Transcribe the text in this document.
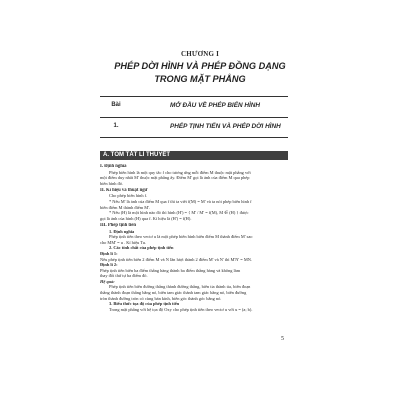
CHƯƠNG I
PHÉP DỜI HÌNH VÀ PHÉP ĐỒNG DẠNG
TRONG MẶT PHẲNG
Bài
1.
MỞ ĐẦU VỀ PHÉP BIẾN HÌNH
PHÉP TỊNH TIẾN VÀ PHÉP DỜI HÌNH
A. TÓM TẮT LÍ THUYẾT
I. Định nghĩa
Phép biến hình là một quy tắc f cho tương ứng mỗi điểm M thuộc mặt phẳng với
một điểm duy nhất M' thuộc mặt phẳng ấy. Điểm M' gọi là ảnh của điểm M qua phép
biến hình đó.
II. Kí hiệu và thuật ngữ
Cho phép biến hình f.
* Nếu M' là ảnh của điểm M qua f thì ta viết f(M) = M' và ta nói phép biến hình f
biến điểm M thành điểm M'.
* Nếu (H) là một hình nào đó thì hình (H') = { M' / M' = f(M), M ∈ (H) } được
gọi là ảnh của hình (H) qua f. Kí hiệu là (H') = f(H).
III. Phép tịnh tiến
1. Định nghĩa
Phép tịnh tiến theo vectơ u là một phép biến hình biến điểm M thành điểm M' sao
cho MM' = u . Kí hiệu Tu.
2. Các tính chất của phép tịnh tiến
Định lí 1:
Nếu phép tịnh tiến biến 2 điểm M và N lần lượt thành 2 điểm M' và N' thì M'N' = MN.
Định lí 2:
Phép tịnh tiến biến ba điểm thẳng hàng thành ba điểm thẳng hàng và không làm
thay đổi thứ tự ba điểm đó.
Hệ quả:
Phép tịnh tiến biến đường thẳng thành đường thẳng, biến tia thành tia, biến đoạn
thẳng thành đoạn thẳng bằng nó, biến tam giác thành tam giác bằng nó, biến đường
tròn thành đường tròn có cùng bán kính, biến góc thành góc bằng nó.
3. Biểu thức tọa độ của phép tịnh tiến
Trong mặt phẳng với hệ tọa độ Oxy cho phép tịnh tiến theo vectơ u với u = (a; b).
5
